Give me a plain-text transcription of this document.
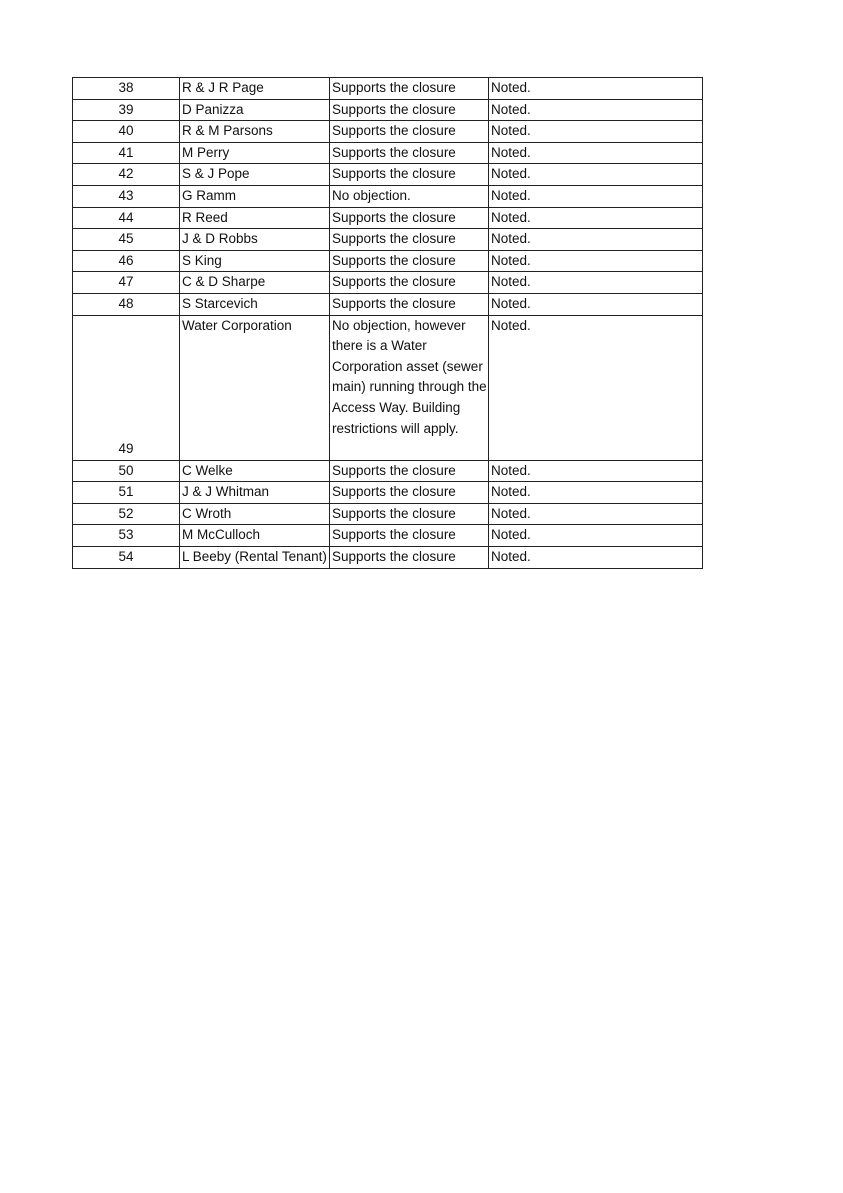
38	R & J R Page	Supports the closure	Noted.
39	D Panizza	Supports the closure	Noted.
40	R & M Parsons	Supports the closure	Noted.
41	M Perry	Supports the closure	Noted.
42	S & J Pope	Supports the closure	Noted.
43	G Ramm	No objection.	Noted.
44	R Reed	Supports the closure	Noted.
45	J & D Robbs	Supports the closure	Noted.
46	S King	Supports the closure	Noted.
47	C & D Sharpe	Supports the closure	Noted.
48	S Starcevich	Supports the closure	Noted.
49	Water Corporation	No objection, however there is a Water Corporation asset (sewer main) running through the Access Way. Building restrictions will apply.	Noted.
50	C Welke	Supports the closure	Noted.
51	J & J Whitman	Supports the closure	Noted.
52	C Wroth	Supports the closure	Noted.
53	M McCulloch	Supports the closure	Noted.
54	L Beeby (Rental Tenant)	Supports the closure	Noted.
